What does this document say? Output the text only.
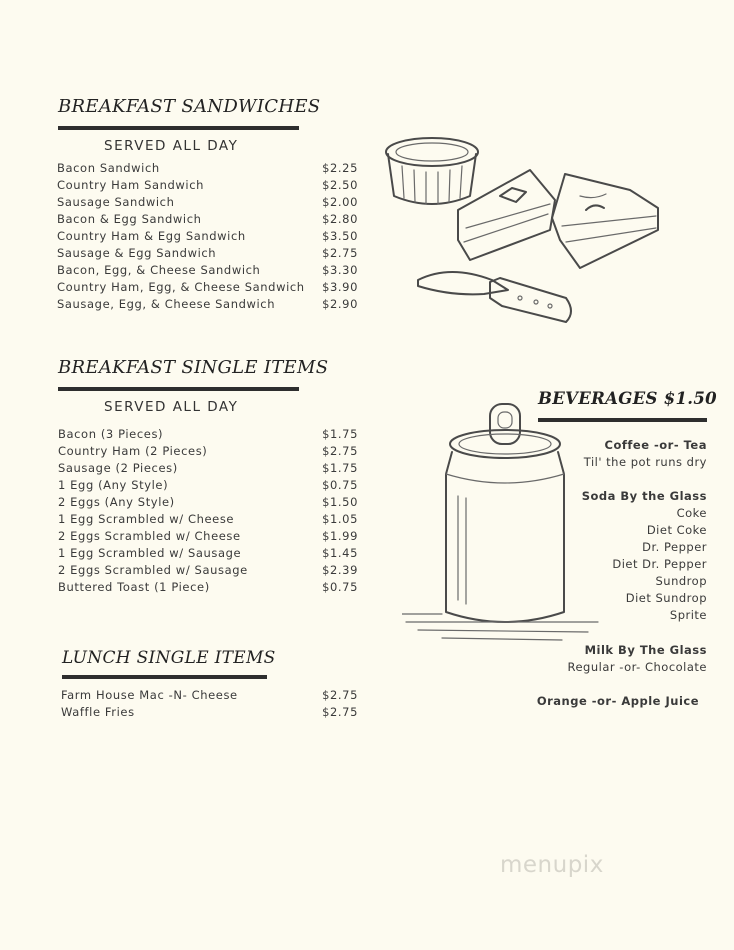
BREAKFAST SANDWICHES
SERVED ALL DAY
Bacon Sandwich	$2.25
Country Ham Sandwich	$2.50
Sausage Sandwich	$2.00
Bacon & Egg Sandwich	$2.80
Country Ham & Egg Sandwich	$3.50
Sausage & Egg Sandwich	$2.75
Bacon, Egg, & Cheese Sandwich	$3.30
Country Ham, Egg, & Cheese Sandwich $3.90
Sausage, Egg, & Cheese Sandwich	$2.90
BREAKFAST SINGLE ITEMS
SERVED ALL DAY
Bacon (3 Pieces)	$1.75
Country Ham (2 Pieces)	$2.75
Sausage (2 Pieces)	$1.75
1 Egg (Any Style)	$0.75
2 Eggs (Any Style)	$1.50
1 Egg Scrambled w/ Cheese	$1.05
2 Eggs Scrambled w/ Cheese	$1.99
1 Egg Scrambled w/ Sausage	$1.45
2 Eggs Scrambled w/ Sausage	$2.39
Buttered Toast (1 Piece)	$0.75
LUNCH SINGLE ITEMS
Farm House Mac -N- Cheese	$2.75
Waffle Fries	$2.75
BEVERAGES $1.50
Coffee -or- Tea
Til' the pot runs dry
Soda By the Glass
Coke
Diet Coke
Dr. Pepper
Diet Dr. Pepper
Sundrop
Diet Sundrop
Sprite
Milk By The Glass
Regular -or- Chocolate
Orange -or- Apple Juice
menupix
